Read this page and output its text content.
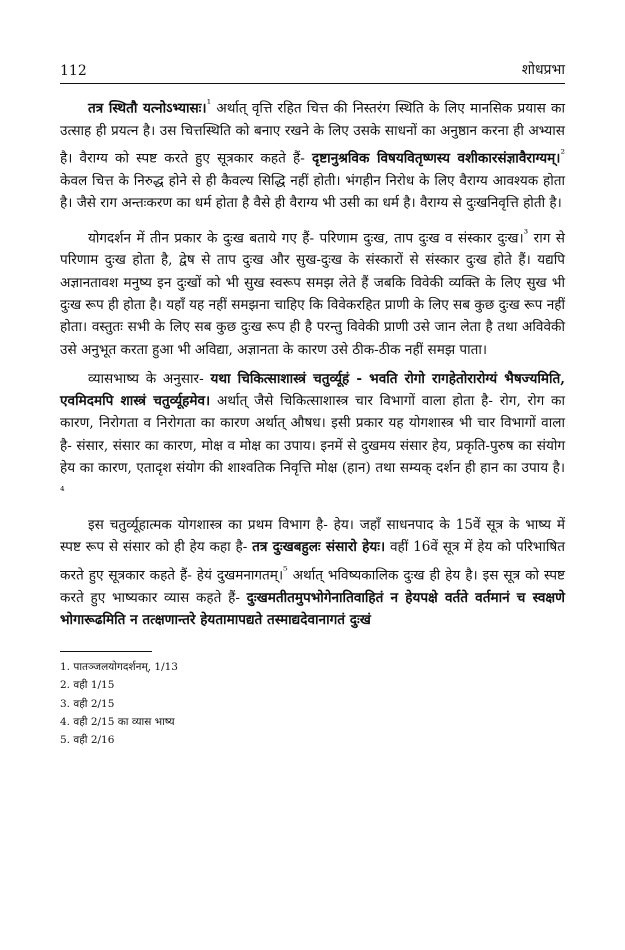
112	शोधप्रभा

तत्र स्थितौ यत्नोऽभ्यासः।$^{^1}$ अर्थात् वृत्ति रहित चित्त की निस्तरंग स्थिति के लिए मानसिक प्रयास का उत्साह ही प्रयत्न है। उस चित्तस्थिति को बनाए रखने के लिए उसके साधनों का अनुष्ठान करना ही अभ्यास है। वैराग्य को स्पष्ट करते हुए सूत्रकार कहते हैं- दृष्टानुश्रविक विषयवितृष्णस्य वशीकारसंज्ञावैराग्यम्।$^{^2}$ केवल चित्त के निरुद्ध होने से ही कैवल्य सिद्धि नहीं होती। भंगहीन निरोध के लिए वैराग्य आवश्यक होता है। जैसे राग अन्तःकरण का धर्म होता है वैसे ही वैराग्य भी उसी का धर्म है। वैराग्य से दुःखनिवृत्ति होती है।

योगदर्शन में तीन प्रकार के दुःख बताये गए हैं- परिणाम दुःख, ताप दुःख व संस्कार दुःख।$^{^3}$ राग से परिणाम दुःख होता है, द्वेष से ताप दुःख और सुख-दुःख के संस्कारों से संस्कार दुःख होते हैं। यद्यपि अज्ञानतावश मनुष्य इन दुःखों को भी सुख स्वरूप समझ लेते हैं जबकि विवेकी व्यक्ति के लिए सुख भी दुःख रूप ही होता है। यहाँ यह नहीं समझना चाहिए कि विवेकरहित प्राणी के लिए सब कुछ दुःख रूप नहीं होता। वस्तुतः सभी के लिए सब कुछ दुःख रूप ही है परन्तु विवेकी प्राणी उसे जान लेता है तथा अविवेकी उसे अनुभूत करता हुआ भी अविद्या, अज्ञानता के कारण उसे ठीक-ठीक नहीं समझ पाता।

व्यासभाष्य के अनुसार- यथा चिकित्साशास्त्रं चतुर्व्यूहं - भवति रोगो रागहेतोरारोग्यं भैषज्यमिति, एवमिदमपि शास्त्रं चतुर्व्यूहमेव। अर्थात् जैसे चिकित्साशास्त्र चार विभागों वाला होता है- रोग, रोग का कारण, निरोगता व निरोगता का कारण अर्थात् औषध। इसी प्रकार यह योगशास्त्र भी चार विभागों वाला है- संसार, संसार का कारण, मोक्ष व मोक्ष का उपाय। इनमें से दुखमय संसार हेय, प्रकृति-पुरुष का संयोग हेय का कारण, एतादृश संयोग की शाश्वतिक निवृत्ति मोक्ष (हान) तथा सम्यक् दर्शन ही हान का उपाय है।$^{^4}$

इस चतुर्व्यूहात्मक योगशास्त्र का प्रथम विभाग है- हेय। जहाँ साधनपाद के 15वें सूत्र के भाष्य में स्पष्ट रूप से संसार को ही हेय कहा है- तत्र दुःखबहुलः संसारो हेयः। वहीं 16वें सूत्र में हेय को परिभाषित करते हुए सूत्रकार कहते हैं- हेयं दुखमनागतम्।$^{^5}$ अर्थात् भविष्यकालिक दुःख ही हेय है। इस सूत्र को स्पष्ट करते हुए भाष्यकार व्यास कहते हैं- दुःखमतीतमुपभोगेनातिवाहितं न हेयपक्षे वर्तते वर्तमानं च स्वक्षणे भोगारूढमिति न तत्क्षणान्तरे हेयतामापद्यते तस्माद्यदेवानागतं दुःखं

1. पातञ्जलयोगदर्शनम्, 1/13
2. वही 1/15
3. वही 2/15
4. वही 2/15 का व्यास भाष्य
5. वही 2/16
